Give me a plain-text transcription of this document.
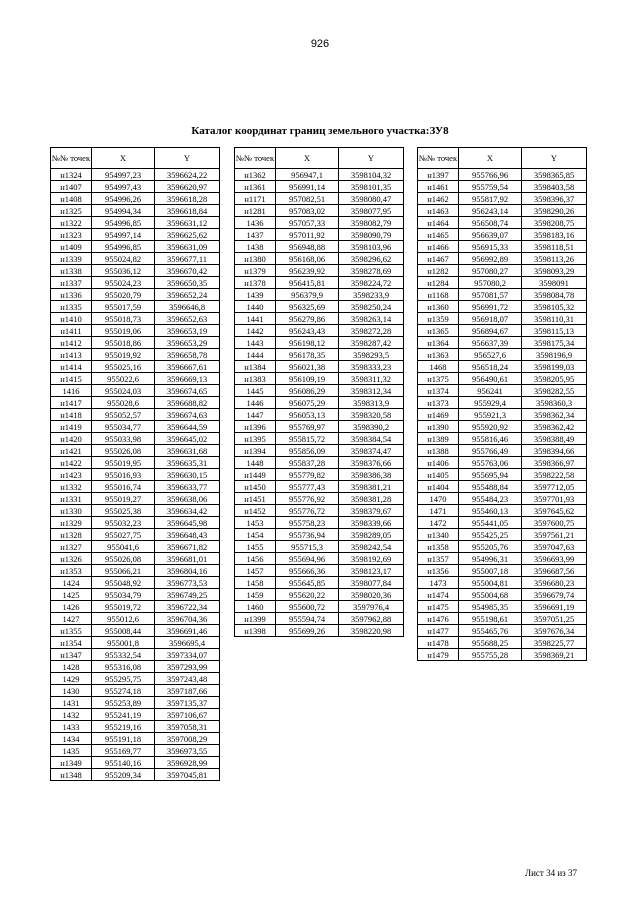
926
Каталог координат границ земельного участка:ЗУ8
№№ точек	X	Y
н1324	954997,23	3596624,22
н1407	954997,43	3596620,97
н1408	954996,26	3596618,28
н1325	954994,34	3596618,84
н1322	954996,85	3596631,12
н1323	954997,14	3596625,62
н1409	954996,85	3596631,09
н1339	955024,82	3596677,11
н1338	955036,12	3596670,42
н1337	955024,23	3596650,35
н1336	955020,79	3596652,24
н1335	955017,59	3596646,8
н1410	955018,73	3596652,63
н1411	955019,06	3596653,19
н1412	955018,86	3596653,29
н1413	955019,92	3596658,78
н1414	955025,16	3596667,61
н1415	955022,6	3596669,13
1416	955024,03	3596674,65
н1417	955028,6	3596688,82
н1418	955052,57	3596674,63
н1419	955034,77	3596644,59
н1420	955033,98	3596645,02
н1421	955026,08	3596631,68
н1422	955019,95	3596635,31
н1423	955016,93	3596630,15
н1332	955016,74	3596633,77
н1331	955019,27	3596638,06
н1330	955025,38	3596634,42
н1329	955032,23	3596645,98
н1328	955027,75	3596648,43
н1327	955041,6	3596671,82
н1326	955026,08	3596681,01
н1353	955066,21	3596804,16
1424	955048,92	3596773,53
1425	955034,79	3596749,25
1426	955019,72	3596722,34
1427	955012,6	3596704,36
н1355	955008,44	3596691,46
н1354	955001,8	3596695,4
н1347	955332,54	3597334,07
1428	955316,08	3597293,99
1429	955295,75	3597243,48
1430	955274,18	3597187,66
1431	955253,89	3597135,37
1432	955241,19	3597106,67
1433	955219,16	3597058,31
1434	955191,18	3597008,29
1435	955169,77	3596973,55
н1349	955140,16	3596928,99
н1348	955209,34	3597045,81
№№ точек	X	Y
н1362	956947,1	3598104,32
н1361	956991,14	3598101,35
н1171	957082,51	3598080,47
н1281	957083,02	3598077,95
1436	957057,33	3598082,79
1437	957011,92	3598090,79
1438	956948,88	3598103,96
н1380	956168,06	3598296,62
н1379	956239,92	3598278,69
н1378	956415,81	3598224,72
1439	956379,9	3598233,9
1440	956325,69	3598250,24
1441	956279,86	3598263,14
1442	956243,43	3598272,28
1443	956198,12	3598287,42
1444	956178,35	3598293,5
н1384	956021,38	3598333,23
н1383	956109,19	3598311,32
1445	956086,29	3598312,34
1446	956075,29	3598313,9
1447	956053,13	3598320,58
н1396	955769,97	3598390,2
н1395	955815,72	3598384,54
н1394	955856,09	3598374,47
1448	955837,28	3598376,66
н1449	955779,82	3598386,38
н1450	955777,43	3598381,21
н1451	955776,92	3598381,28
н1452	955776,72	3598379,67
1453	955758,23	3598339,66
1454	955736,94	3598289,05
1455	955715,3	3598242,54
1456	955694,96	3598192,69
1457	955666,36	3598123,17
1458	955645,85	3598077,84
1459	955620,22	3598020,36
1460	955600,72	3597976,4
н1399	955594,74	3597962,88
н1398	955699,26	3598220,98
№№ точек	X	Y
н1397	955766,96	3598365,85
н1461	955759,54	3598403,58
н1462	955817,92	3598396,37
н1463	956243,14	3598290,26
н1464	956508,74	3598208,75
н1465	956639,07	3598183,16
н1466	956915,33	3598118,51
н1467	956992,89	3598113,26
н1282	957080,27	3598093,29
н1284	957080,2	3598091
н1168	957081,57	3598084,78
н1360	956991,72	3598105,32
н1359	956918,07	3598110,31
н1365	956894,67	3598115,13
н1364	956637,39	3598175,34
н1363	956527,6	3598196,9
1468	956518,24	3598199,03
н1375	956490,61	3598205,95
н1374	956241	3598282,55
н1373	955929,4	3598360,3
н1469	955921,3	3598362,34
н1390	955920,92	3598362,42
н1389	955816,46	3598388,49
н1388	955766,49	3598394,66
н1406	955763,06	3598366,97
н1405	955695,94	3598222,58
н1404	955488,84	3597712,05
1470	955484,23	3597701,93
1471	955460,13	3597645,62
1472	955441,05	3597600,75
н1340	955425,25	3597561,21
н1358	955205,76	3597047,63
н1357	954996,31	3596693,99
н1356	955007,18	3596687,56
1473	955004,81	3596680,23
н1474	955004,68	3596679,74
н1475	954985,35	3596691,19
н1476	955198,61	3597051,25
н1477	955465,76	3597676,34
н1478	955688,25	3598225,77
н1479	955755,28	3598369,21
Лист 34 из 37
